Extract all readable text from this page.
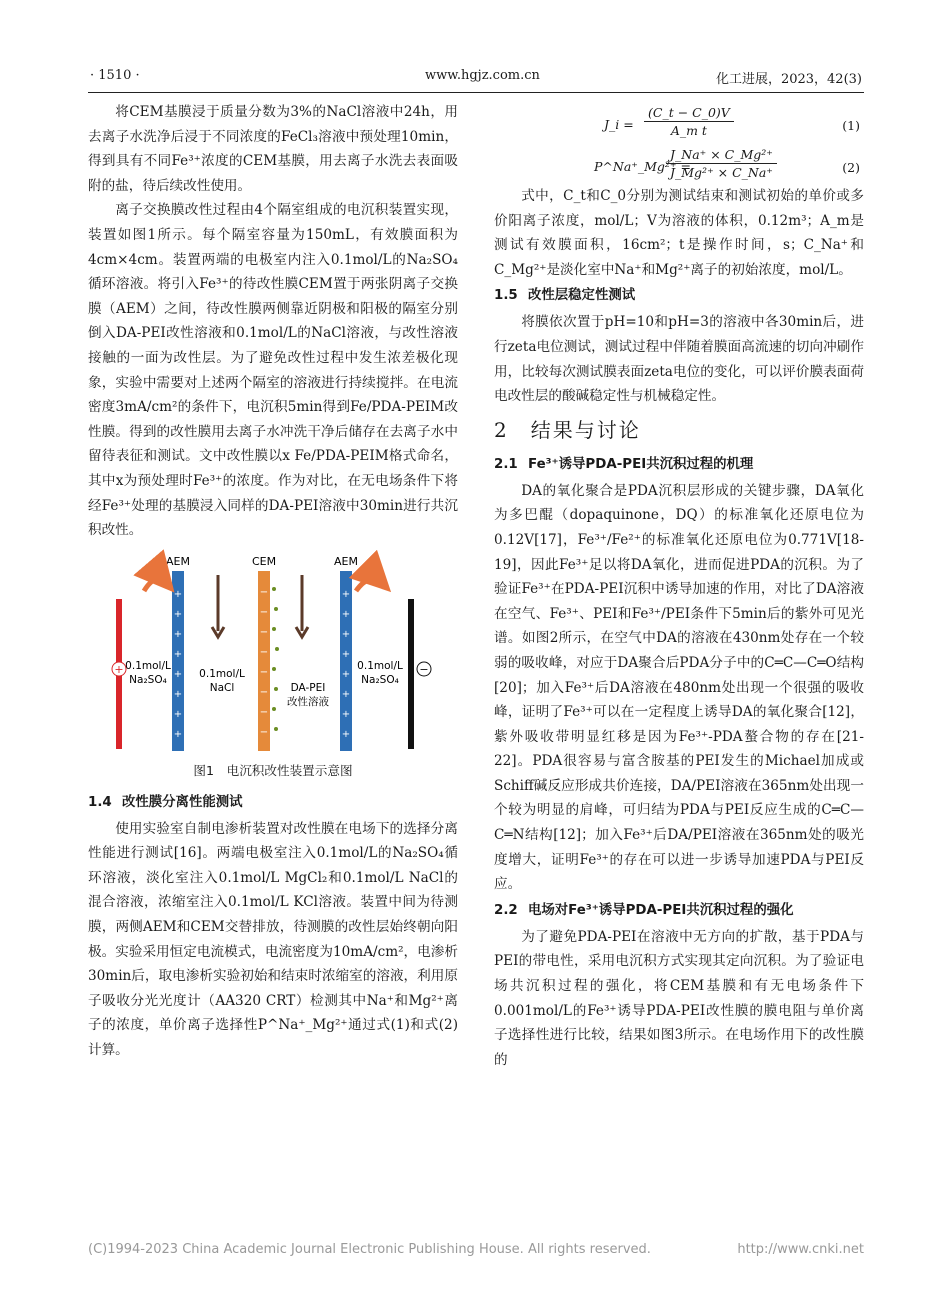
· 1510 ·	www.hgjz.com.cn	化工进展，2023，42(3)

将CEM基膜浸于质量分数为3%的NaCl溶液中24h，用去离子水洗净后浸于不同浓度的FeCl₃溶液中预处理10min，得到具有不同Fe³⁺浓度的CEM基膜，用去离子水洗去表面吸附的盐，待后续改性使用。

离子交换膜改性过程由4个隔室组成的电沉积装置实现，装置如图1所示。每个隔室容量为150mL，有效膜面积为4cm×4cm。装置两端的电极室内注入0.1mol/L的Na₂SO₄循环溶液。将引入Fe³⁺的待改性膜CEM置于两张阴离子交换膜（AEM）之间，待改性膜两侧靠近阴极和阳极的隔室分别倒入DA-PEI改性溶液和0.1mol/L的NaCl溶液，与改性溶液接触的一面为改性层。为了避免改性过程中发生浓差极化现象，实验中需要对上述两个隔室的溶液进行持续搅拌。在电流密度3mA/cm²的条件下，电沉积5min得到Fe/PDA-PEIM改性膜。得到的改性膜用去离子水冲洗干净后储存在去离子水中留待表征和测试。文中改性膜以x Fe/PDA-PEIM格式命名，其中x为预处理时Fe³⁺的浓度。作为对比，在无电场条件下将经Fe³⁺处理的基膜浸入同样的DA-PEI溶液中30min进行共沉积改性。

AEM	CEM	AEM
+	−
+
+
+
+
+
+
+
+
+
+
+
+
+
+
+
+
−
−
−
−
−
−
−
−
0.1mol/L
Na₂SO₄	0.1mol/L
NaCl	DA-PEI
改性溶液
0.1mol/L
Na₂SO₄
图1　电沉积改性装置示意图
1.4 改性膜分离性能测试

使用实验室自制电渗析装置对改性膜在电场下的选择分离性能进行测试[16]。两端电极室注入0.1mol/L的Na₂SO₄循环溶液，淡化室注入0.1mol/L MgCl₂和0.1mol/L NaCl的混合溶液，浓缩室注入0.1mol/L KCl溶液。装置中间为待测膜，两侧AEM和CEM交替排放，待测膜的改性层始终朝向阳极。实验采用恒定电流模式，电流密度为10mA/cm²，电渗析30min后，取电渗析实验初始和结束时浓缩室的溶液，利用原子吸收分光光度计（AA320 CRT）检测其中Na⁺和Mg²⁺离子的浓度，单价离子选择性P^Na⁺_Mg²⁺通过式(1)和式(2)计算。

J_i = $\frac{(C\_t - C\_0)V}{\text{A\_m t}}$	(1)
P^Na⁺_Mg²⁺ =
$\frac{\text{J\_Na⁺ × C\_Mg²⁺}}{\text{J\_Mg²⁺ × C\_Na⁺}}$	(2)

式中，C_t和C_0分别为测试结束和测试初始的单价或多价阳离子浓度，mol/L；V为溶液的体积，0.12m³；A_m是测试有效膜面积，16cm²；t是操作时间，s；C_Na⁺和C_Mg²⁺是淡化室中Na⁺和Mg²⁺离子的初始浓度，mol/L。

1.5 改性层稳定性测试

将膜依次置于pH=10和pH=3的溶液中各30min后，进行zeta电位测试，测试过程中伴随着膜面高流速的切向冲刷作用，比较每次测试膜表面zeta电位的变化，可以评价膜表面荷电改性层的酸碱稳定性与机械稳定性。

2　结果与讨论
2.1 Fe³⁺诱导PDA-PEI共沉积过程的机理

DA的氧化聚合是PDA沉积层形成的关键步骤，DA氧化为多巴醌（dopaquinone，DQ）的标准氧化还原电位为0.12V[17]，Fe³⁺/Fe²⁺的标准氧化还原电位为0.771V[18-19]，因此Fe³⁺足以将DA氧化，进而促进PDA的沉积。为了验证Fe³⁺在PDA-PEI沉积中诱导加速的作用，对比了DA溶液在空气、Fe³⁺、PEI和Fe³⁺/PEI条件下5min后的紫外可见光谱。如图2所示，在空气中DA的溶液在430nm处存在一个较弱的吸收峰，对应于DA聚合后PDA分子中的C═C—C═O结构[20]；加入Fe³⁺后DA溶液在480nm处出现一个很强的吸收峰，证明了Fe³⁺可以在一定程度上诱导DA的氧化聚合[12]，紫外吸收带明显红移是因为Fe³⁺-PDA螯合物的存在[21-22]。PDA很容易与富含胺基的PEI发生的Michael加成或Schiff碱反应形成共价连接，DA/PEI溶液在365nm处出现一个较为明显的肩峰，可归结为PDA与PEI反应生成的C═C—C═N结构[12]；加入Fe³⁺后DA/PEI溶液在365nm处的吸光度增大，证明Fe³⁺的存在可以进一步诱导加速PDA与PEI反应。

2.2 电场对Fe³⁺诱导PDA-PEI共沉积过程的强化

为了避免PDA-PEI在溶液中无方向的扩散，基于PDA与PEI的带电性，采用电沉积方式实现其定向沉积。为了验证电场共沉积过程的强化，将CEM基膜和有无电场条件下0.001mol/L的Fe³⁺诱导PDA-PEI改性膜的膜电阻与单价离子选择性进行比较，结果如图3所示。在电场作用下的改性膜的

(C)1994-2023 China Academic Journal Electronic Publishing House. All rights reserved.	http://www.cnki.net
